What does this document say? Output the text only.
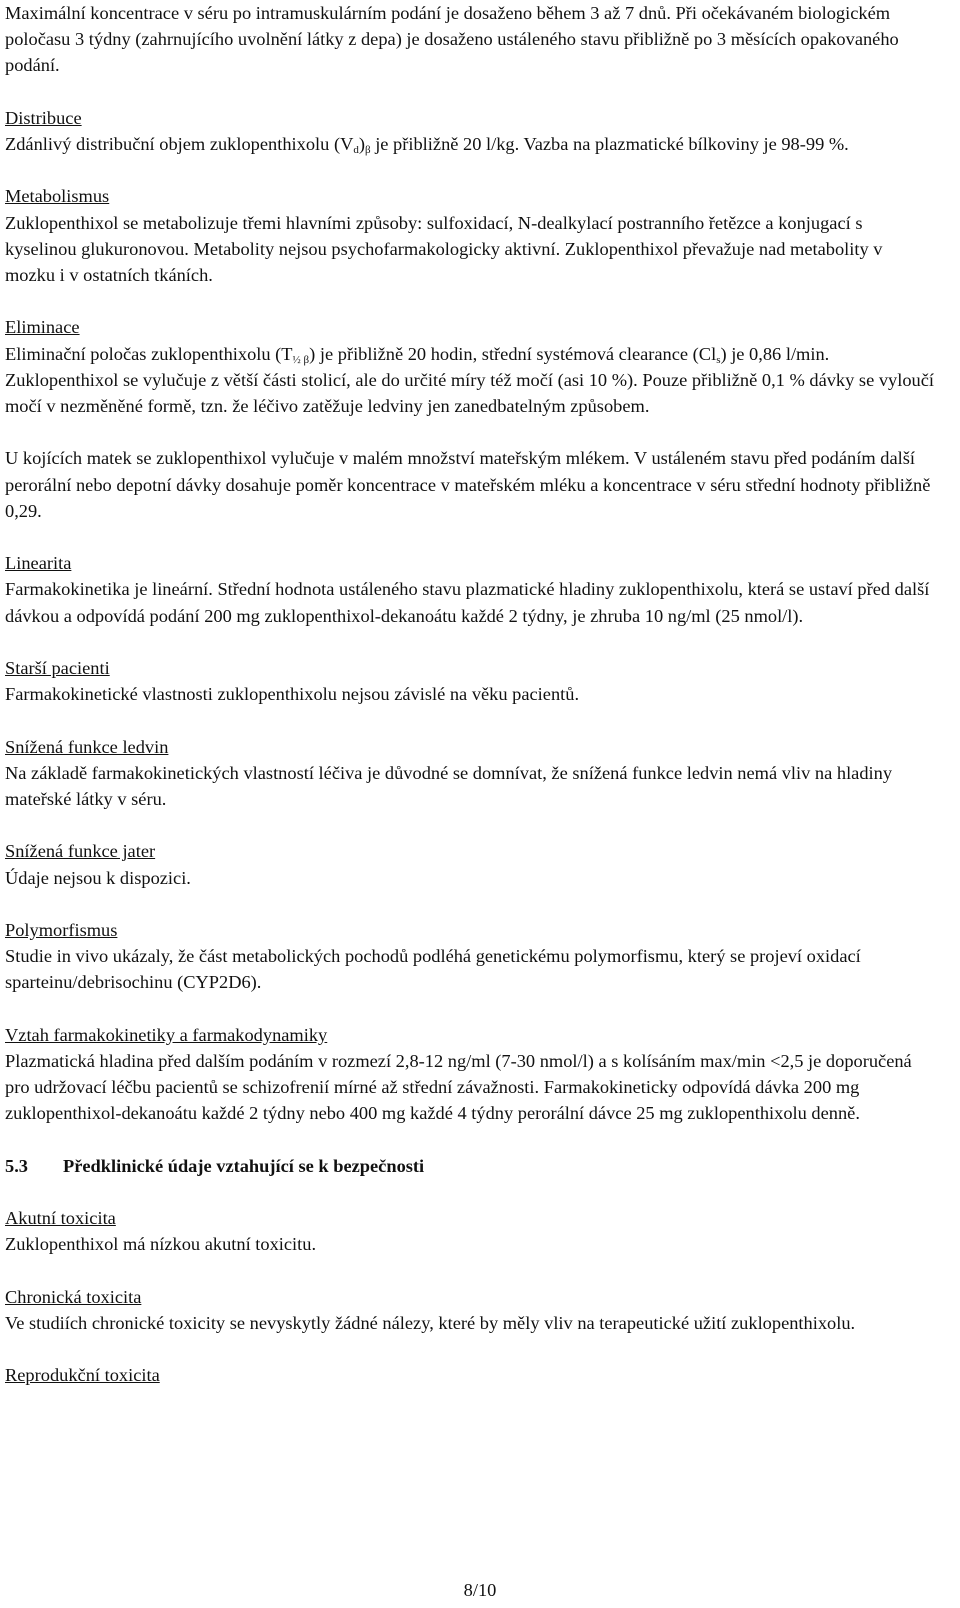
Maximální koncentrace v séru po intramuskulárním podání je dosaženo během 3 až 7 dnů. Při očekávaném biologickém poločasu 3 týdny (zahrnujícího uvolnění látky z depa) je dosaženo ustáleného stavu přibližně po 3 měsících opakovaného podání.

Distribuce
Zdánlivý distribuční objem zuklopenthixolu $(V_d)_\beta$ je přibližně 20 l/kg. Vazba na plazmatické bílkoviny je 98-99 %.
Metabolismus
Zuklopenthixol se metabolizuje třemi hlavními způsoby: sulfoxidací, N-dealkylací postranního řetězce a konjugací s kyselinou glukuronovou. Metabolity nejsou psychofarmakologicky aktivní. Zuklopenthixol převažuje nad metabolity v mozku i v ostatních tkáních.
Eliminace
Eliminační poločas zuklopenthixolu $(T_{\frac{1}{2} \beta})$ je přibližně 20 hodin, střední systémová clearance $(Cl_s)$ je 0,86 l/min.
Zuklopenthixol se vylučuje z větší části stolicí, ale do určité míry též močí (asi 10 %). Pouze přibližně 0,1 % dávky se vyloučí močí v nezměněné formě, tzn. že léčivo zatěžuje ledviny jen zanedbatelným způsobem.

U kojících matek se zuklopenthixol vylučuje v malém množství mateřským mlékem. V ustáleném stavu před podáním další perorální nebo depotní dávky dosahuje poměr koncentrace v mateřském mléku a koncentrace v séru střední hodnoty přibližně 0,29.

Linearita
Farmakokinetika je lineární. Střední hodnota ustáleného stavu plazmatické hladiny zuklopenthixolu, která se ustaví před další dávkou a odpovídá podání 200 mg zuklopenthixol-dekanoátu každé 2 týdny, je zhruba 10 ng/ml (25 nmol/l).
Starší pacienti
Farmakokinetické vlastnosti zuklopenthixolu nejsou závislé na věku pacientů.
Snížená funkce ledvin
Na základě farmakokinetických vlastností léčiva je důvodné se domnívat, že snížená funkce ledvin nemá vliv na hladiny mateřské látky v séru.
Snížená funkce jater
Údaje nejsou k dispozici.
Polymorfismus
Studie in vivo ukázaly, že část metabolických pochodů podléhá genetickému polymorfismu, který se projeví oxidací sparteinu/debrisochinu (CYP2D6).
Vztah farmakokinetiky a farmakodynamiky
Plazmatická hladina před dalším podáním v rozmezí 2,8-12 ng/ml (7-30 nmol/l) a s kolísáním max/min <2,5 je doporučená pro udržovací léčbu pacientů se schizofrenií mírné až střední závažnosti. Farmakokineticky odpovídá dávka 200 mg zuklopenthixol-dekanoátu každé 2 týdny nebo 400 mg každé 4 týdny perorální dávce 25 mg zuklopenthixolu denně.
5.3 Předklinické údaje vztahující se k bezpečnosti
Akutní toxicita
Zuklopenthixol má nízkou akutní toxicitu.
Chronická toxicita
Ve studiích chronické toxicity se nevyskytly žádné nálezy, které by měly vliv na terapeutické užití zuklopenthixolu.
Reprodukční toxicita
8/10
